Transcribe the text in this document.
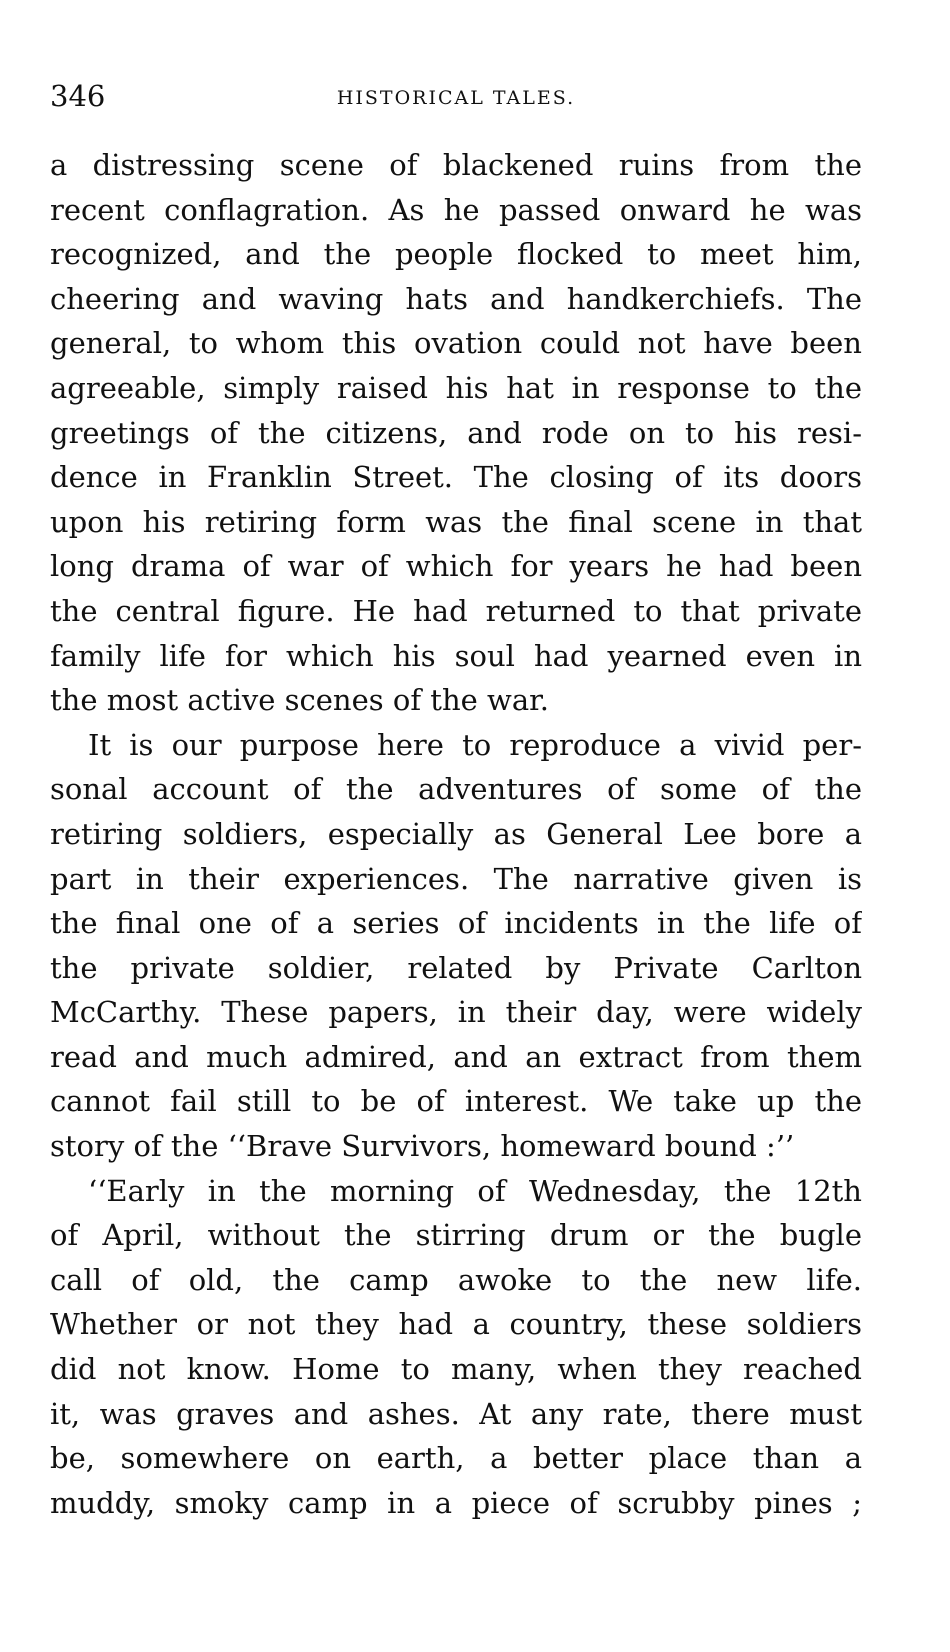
346	HISTORICAL TALES.
a distressing scene of blackened ruins from the
recent conflagration. As he passed onward he was
recognized, and the people flocked to meet him,
cheering and waving hats and handkerchiefs. The
general, to whom this ovation could not have been
agreeable, simply raised his hat in response to the
greetings of the citizens, and rode on to his resi-
dence in Franklin Street. The closing of its doors
upon his retiring form was the final scene in that
long drama of war of which for years he had been
the central figure. He had returned to that private
family life for which his soul had yearned even in
the most active scenes of the war.
It is our purpose here to reproduce a vivid per-
sonal account of the adventures of some of the
retiring soldiers, especially as General Lee bore a
part in their experiences. The narrative given is
the final one of a series of incidents in the life of
the private soldier, related by Private Carlton
McCarthy. These papers, in their day, were widely
read and much admired, and an extract from them
cannot fail still to be of interest. We take up the
story of the ‘‘Brave Survivors, homeward bound :’’
‘‘Early in the morning of Wednesday, the 12th
of April, without the stirring drum or the bugle
call of old, the camp awoke to the new life.
Whether or not they had a country, these soldiers
did not know. Home to many, when they reached
it, was graves and ashes. At any rate, there must
be, somewhere on earth, a better place than a
muddy, smoky camp in a piece of scrubby pines ;
